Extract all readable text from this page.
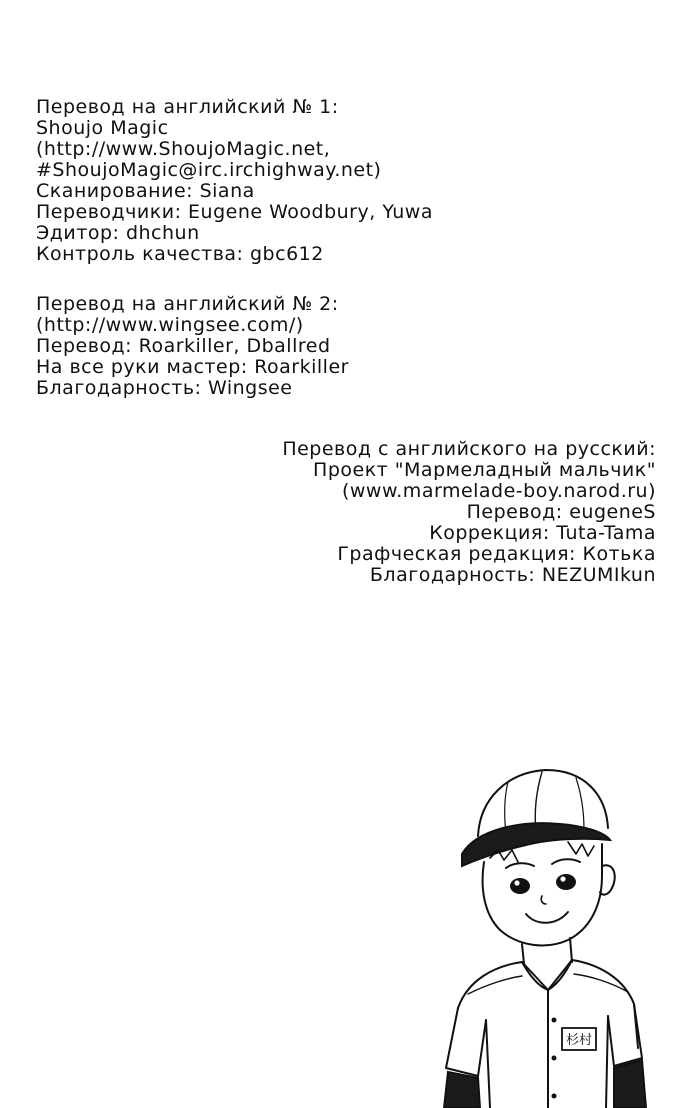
Перевод на английский № 1:
Shoujo Magic
(http://www.ShoujoMagic.net,
#ShoujoMagic@irc.irchighway.net)
Сканирование: Siana
Переводчики: Eugene Woodbury, Yuwa
Эдитор: dhchun
Контроль качества: gbc612
Перевод на английский № 2:
(http://www.wingsee.com/)
Перевод: Roarkiller, Dballred
На все руки мастер: Roarkiller
Благодарность: Wingsee
Перевод с английского на русский:
Проект "Мармеладный мальчик"
(www.marmelade-boy.narod.ru)
Перевод: eugeneS
Коррекция: Tuta-Tama
Графческая редакция: Котька
Благодарность: NEZUMIkun
杉村
